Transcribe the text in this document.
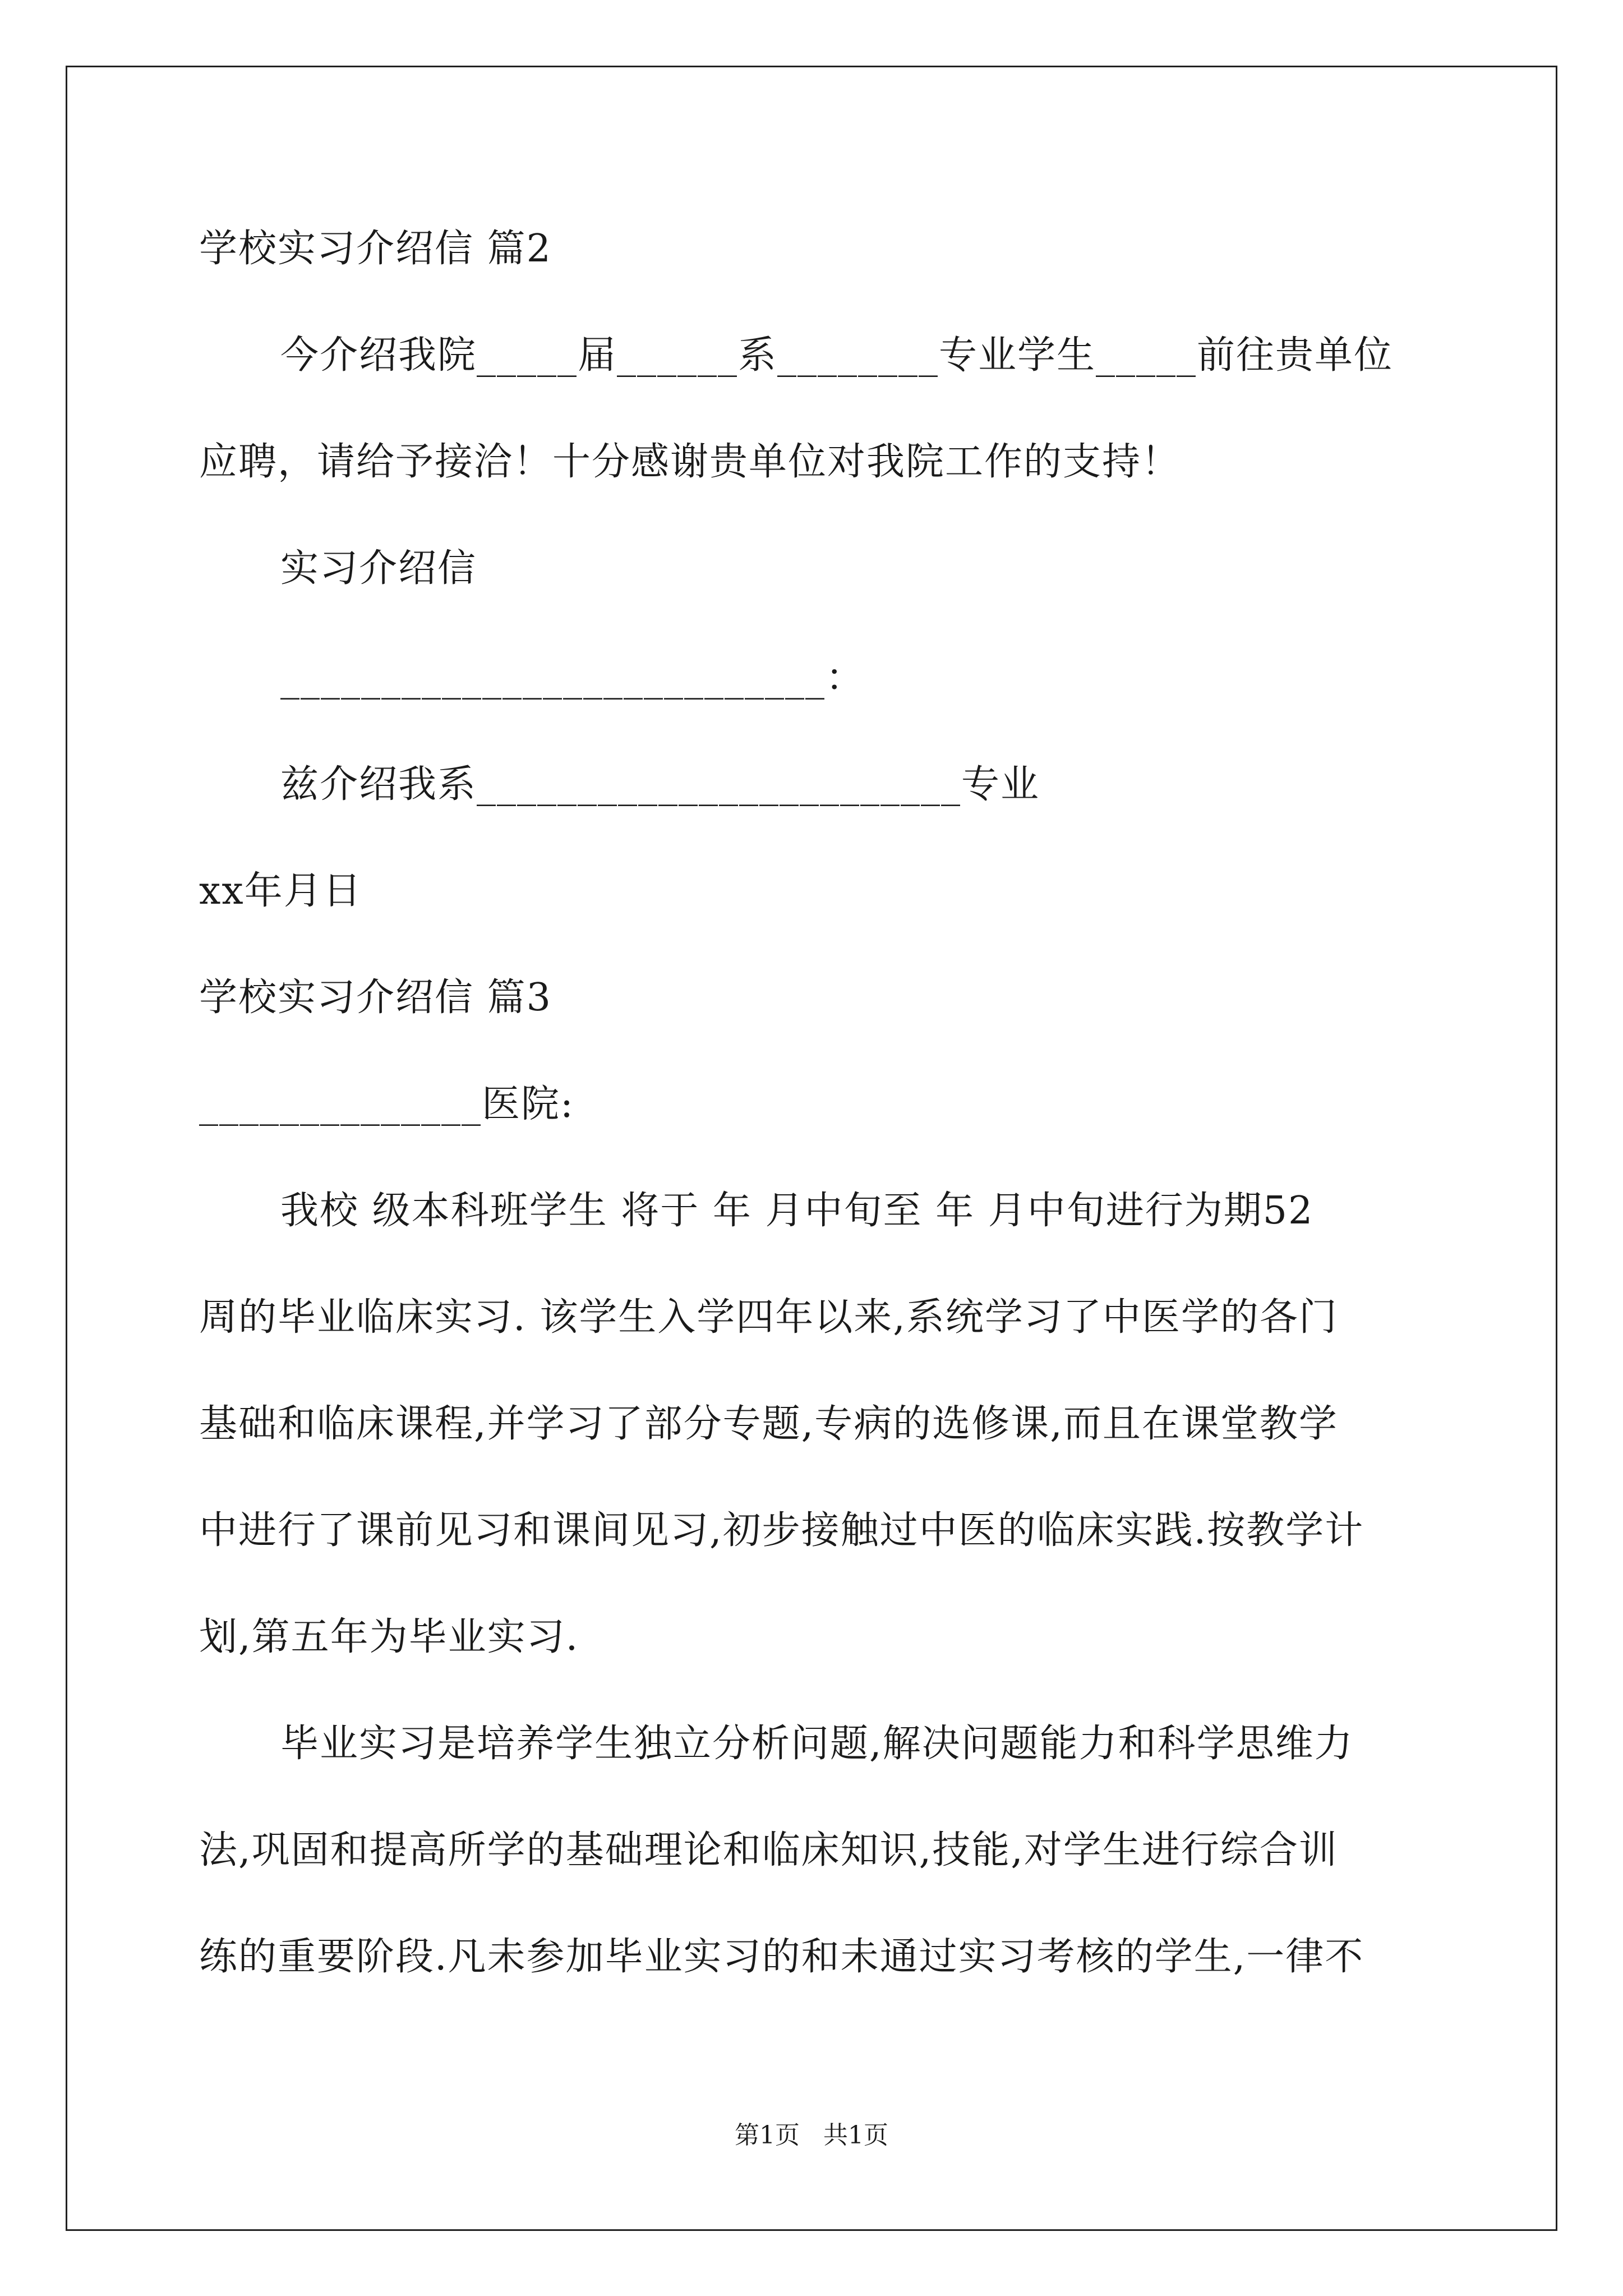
学校实习介绍信 篇2
今介绍我院_____届______系________专业学生_____前往贵单位
应聘，请给予接洽！十分感谢贵单位对我院工作的支持！
实习介绍信
___________________________：
兹介绍我系________________________专业
xx年月日
学校实习介绍信 篇3
______________医院:
我校 级本科班学生 将于 年 月中旬至 年 月中旬进行为期52
周的毕业临床实习. 该学生入学四年以来,系统学习了中医学的各门
基础和临床课程,并学习了部分专题,专病的选修课,而且在课堂教学
中进行了课前见习和课间见习,初步接触过中医的临床实践.按教学计
划,第五年为毕业实习.
毕业实习是培养学生独立分析问题,解决问题能力和科学思维力
法,巩固和提高所学的基础理论和临床知识,技能,对学生进行综合训
练的重要阶段.凡未参加毕业实习的和未通过实习考核的学生,一律不
第1页   共1页
